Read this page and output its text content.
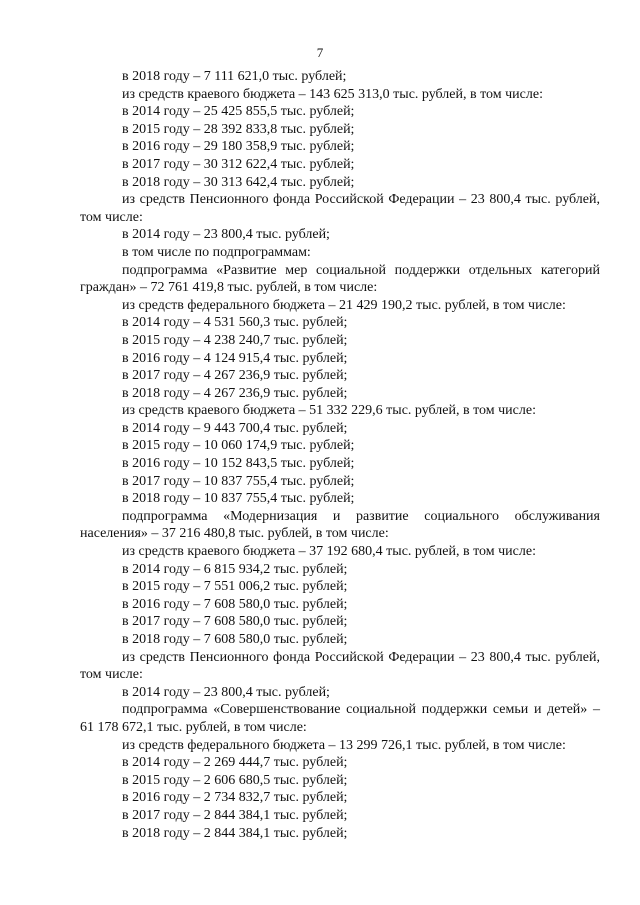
7

в 2018 году – 7 111 621,0 тыс. рублей;

из средств краевого бюджета – 143 625 313,0 тыс. рублей, в том числе:

в 2014 году – 25 425 855,5 тыс. рублей;

в 2015 году – 28 392 833,8 тыс. рублей;

в 2016 году – 29 180 358,9 тыс. рублей;

в 2017 году – 30 312 622,4 тыс. рублей;

в 2018 году – 30 313 642,4 тыс. рублей;

из средств Пенсионного фонда Российской Федерации – 23 800,4 тыс. рублей, том числе:

в 2014 году – 23 800,4 тыс. рублей;

в том числе по подпрограммам:

подпрограмма «Развитие мер социальной поддержки отдельных категорий граждан» – 72 761 419,8 тыс. рублей, в том числе:

из средств федерального бюджета – 21 429 190,2 тыс. рублей, в том числе:

в 2014 году – 4 531 560,3 тыс. рублей;

в 2015 году – 4 238 240,7 тыс. рублей;

в 2016 году – 4 124 915,4 тыс. рублей;

в 2017 году – 4 267 236,9 тыс. рублей;

в 2018 году – 4 267 236,9 тыс. рублей;

из средств краевого бюджета – 51 332 229,6 тыс. рублей, в том числе:

в 2014 году – 9 443 700,4 тыс. рублей;

в 2015 году – 10 060 174,9 тыс. рублей;

в 2016 году – 10 152 843,5 тыс. рублей;

в 2017 году – 10 837 755,4 тыс. рублей;

в 2018 году – 10 837 755,4 тыс. рублей;

подпрограмма «Модернизация и развитие социального обслуживания населения» – 37 216 480,8 тыс. рублей, в том числе:

из средств краевого бюджета – 37 192 680,4 тыс. рублей, в том числе:

в 2014 году – 6 815 934,2 тыс. рублей;

в 2015 году – 7 551 006,2 тыс. рублей;

в 2016 году – 7 608 580,0 тыс. рублей;

в 2017 году – 7 608 580,0 тыс. рублей;

в 2018 году – 7 608 580,0 тыс. рублей;

из средств Пенсионного фонда Российской Федерации – 23 800,4 тыс. рублей, том числе:

в 2014 году – 23 800,4 тыс. рублей;

подпрограмма «Совершенствование социальной поддержки семьи и детей» – 61 178 672,1 тыс. рублей, в том числе:

из средств федерального бюджета – 13 299 726,1 тыс. рублей, в том числе:

в 2014 году – 2 269 444,7 тыс. рублей;

в 2015 году – 2 606 680,5 тыс. рублей;

в 2016 году – 2 734 832,7 тыс. рублей;

в 2017 году – 2 844 384,1 тыс. рублей;

в 2018 году – 2 844 384,1 тыс. рублей;
